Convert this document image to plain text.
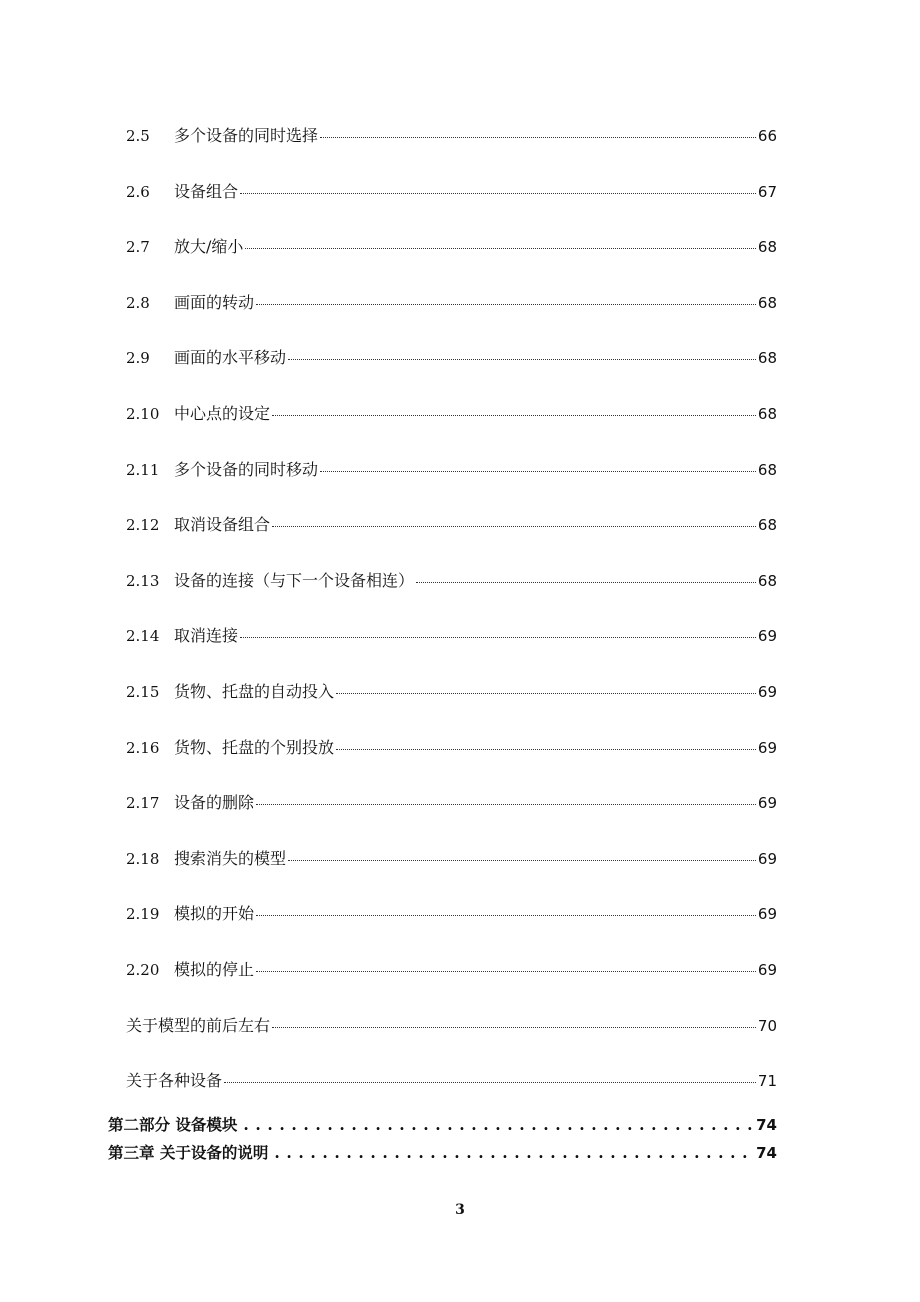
2.5	多个设备的同时选择	66
2.6	设备组合	67
2.7	放大/缩小	68
2.8	画面的转动	68
2.9	画面的水平移动	68
2.10 中心点的设定	68
2.11 多个设备的同时移动	68
2.12 取消设备组合	68
2.13 设备的连接（与下一个设备相连）	68
2.14 取消连接	69
2.15 货物、托盘的自动投入	69
2.16 货物、托盘的个别投放	69
2.17 设备的删除	69
2.18 搜索消失的模型	69
2.19 模拟的开始	69
2.20 模拟的停止	69
关于模型的前后左右	70
关于各种设备	71
第二部分 设备模块 . . .	74
第三章 关于设备的说明 . . .	74
3
